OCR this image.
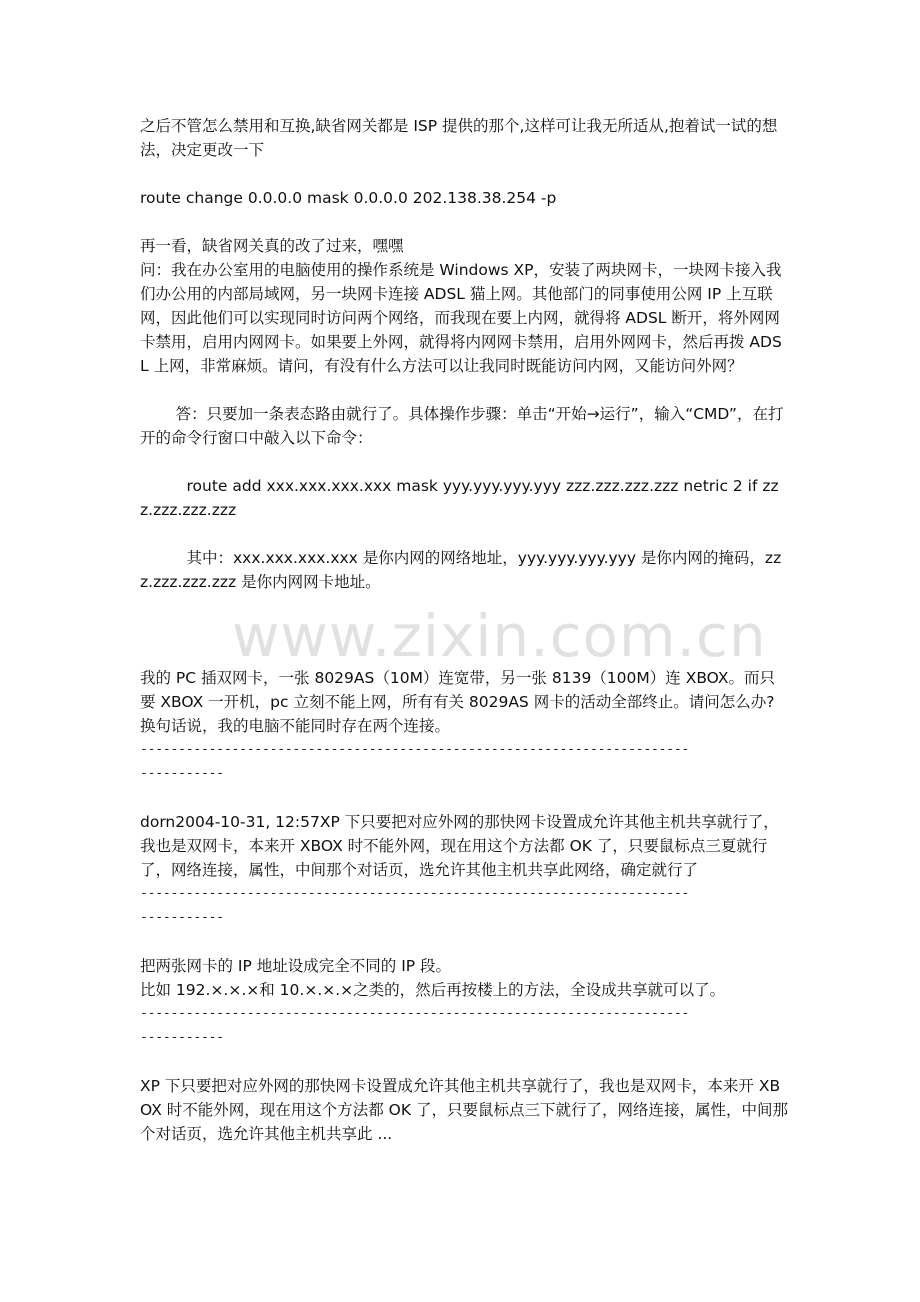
之后不管怎么禁用和互换,缺省网关都是 ISP 提供的那个,这样可让我无所适从,抱着试一试的想法，决定更改一下

route change 0.0.0.0 mask 0.0.0.0 202.138.38.254 -p

再一看，缺省网关真的改了过来，嘿嘿

问：我在办公室用的电脑使用的操作系统是 Windows XP，安装了两块网卡，一块网卡接入我们办公用的内部局域网，另一块网卡连接 ADSL 猫上网。其他部门的同事使用公网 IP 上互联网，因此他们可以实现同时访问两个网络，而我现在要上内网，就得将 ADSL 断开，将外网网卡禁用，启用内网网卡。如果要上外网，就得将内网网卡禁用，启用外网网卡，然后再拨 ADSL 上网，非常麻烦。请问，有没有什么方法可以让我同时既能访问内网，又能访问外网？

答：只要加一条表态路由就行了。具体操作步骤：单击“开始→运行”，输入“CMD”，在打开的命令行窗口中敲入以下命令：

route add xxx.xxx.xxx.xxx mask yyy.yyy.yyy.yyy zzz.zzz.zzz.zzz netric 2 if zzz.zzz.zzz.zzz

其中：xxx.xxx.xxx.xxx 是你内网的网络地址，yyy.yyy.yyy.yyy 是你内网的掩码，zzz.zzz.zzz.zzz 是你内网网卡地址。

我的 PC 插双网卡，一张 8029AS（10M）连宽带，另一张 8139（100M）连 XBOX。而只要 XBOX 一开机，pc 立刻不能上网，所有有关 8029AS 网卡的活动全部终止。请问怎么办?

换句话说，我的电脑不能同时存在两个连接。

------------------------------------------------------------------------

-----------

dorn2004-10-31, 12:57XP 下只要把对应外网的那快网卡设置成允许其他主机共享就行了，我也是双网卡，本来开 XBOX 时不能外网，现在用这个方法都 OK 了，只要鼠标点三夏就行了，网络连接，属性，中间那个对话页，选允许其他主机共享此网络，确定就行了

------------------------------------------------------------------------

-----------

把两张网卡的 IP 地址设成完全不同的 IP 段。

比如 192.×.×.×和 10.×.×.×之类的，然后再按楼上的方法，全设成共享就可以了。

------------------------------------------------------------------------

-----------

XP 下只要把对应外网的那快网卡设置成允许其他主机共享就行了，我也是双网卡，本来开 XBOX 时不能外网，现在用这个方法都 OK 了，只要鼠标点三下就行了，网络连接，属性，中间那个对话页，选允许其他主机共享此 ...

www.zixin.com.cn
